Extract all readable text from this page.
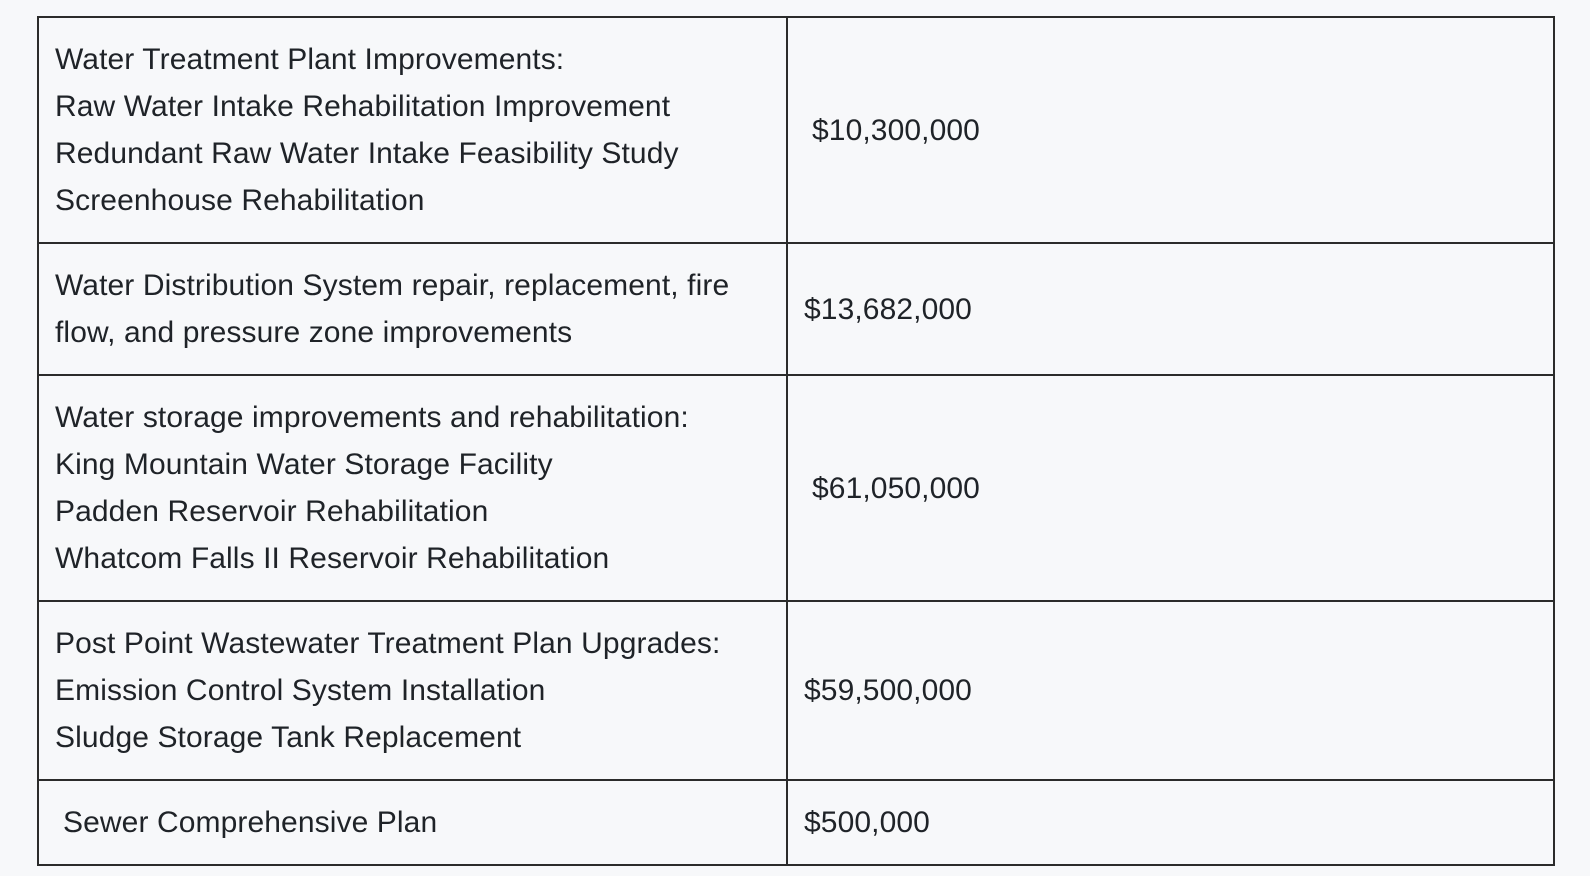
Water Treatment Plant Improvements:
Raw Water Intake Rehabilitation Improvement
Redundant Raw Water Intake Feasibility Study
Screenhouse Rehabilitation	$10,300,000

Water Distribution System repair, replacement, fire
flow, and pressure zone improvements	$13,682,000

Water storage improvements and rehabilitation:
King Mountain Water Storage Facility
Padden Reservoir Rehabilitation
Whatcom Falls II Reservoir Rehabilitation	$61,050,000

Post Point Wastewater Treatment Plan Upgrades:
Emission Control System Installation
Sludge Storage Tank Replacement	$59,500,000

Sewer Comprehensive Plan	$500,000
